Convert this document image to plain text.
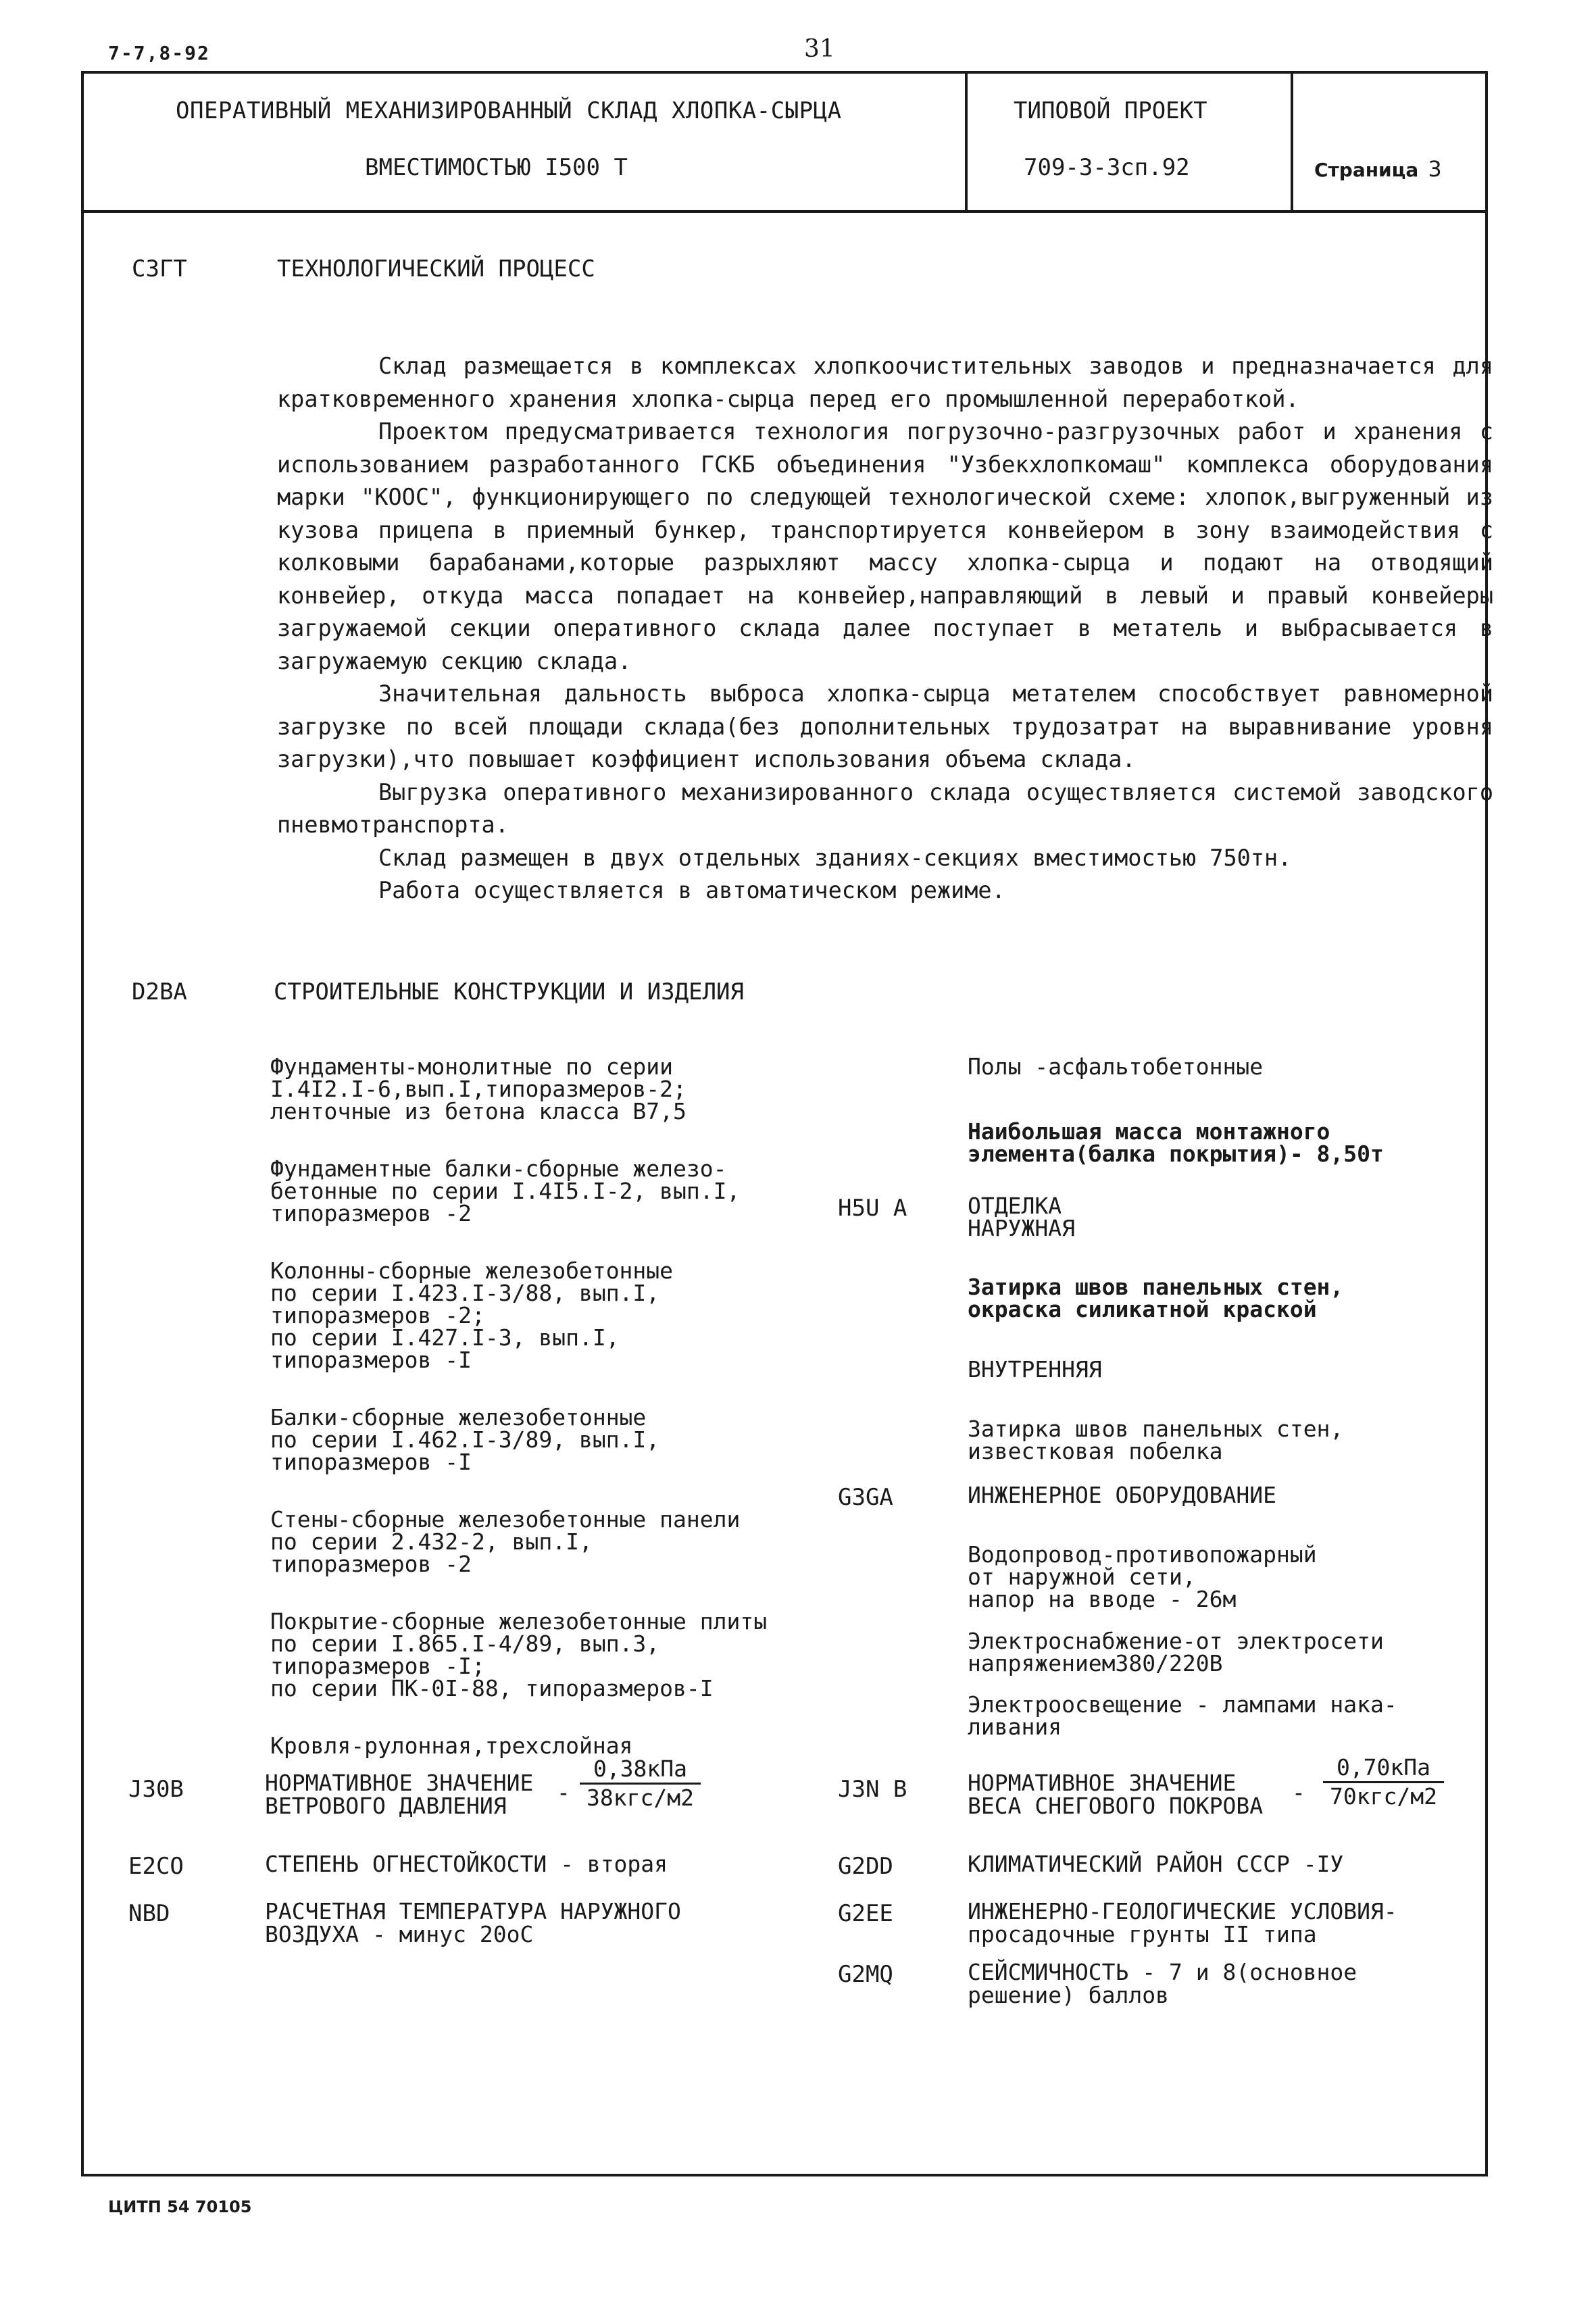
7-7,8-92	31
ОПЕРАТИВНЫЙ МЕХАНИЗИРОВАННЫЙ СКЛАД ХЛОПКА-СЫРЦА
ВМЕСТИМОСТЬЮ I500 Т
ТИПОВОЙ ПРОЕКТ
709-3-3сп.92	Страница 3
С3ГТ	ТЕХНОЛОГИЧЕСКИЙ ПРОЦЕСС

Склад размещается в комплексах хлопкоочистительных заводов и предназначается для кратковременного хранения хлопка-сырца перед его промышленной переработкой.

Проектом предусматривается технология погрузочно-разгрузочных работ и хранения с использованием разработанного ГСКБ объединения "Узбекхлопкомаш" комплекса оборудования марки "КООС", функционирующего по следующей технологической схеме: хлопок,выгруженный из кузова прицепа в приемный бункер, транспортируется конвейером в зону взаимодействия с колковыми барабанами,которые разрыхляют массу хлопка-сырца и подают на отводящий конвейер, откуда масса попадает на конвейер,направляющий в левый и правый конвейеры загружаемой секции оперативного склада далее поступает в метатель и выбрасывается в загружаемую секцию склада.

Значительная дальность выброса хлопка-сырца метателем способствует равномерной загрузке по всей площади склада(без дополнительных трудозатрат на выравнивание уровня загрузки),что повышает коэффициент использования объема склада.

Выгрузка оперативного механизированного склада осуществляется системой заводского пневмотранспорта.

Склад размещен в двух отдельных зданиях-секциях вместимостью 750тн.

Работа осуществляется в автоматическом режиме.

D2BA	СТРОИТЕЛЬНЫЕ КОНСТРУКЦИИ И ИЗДЕЛИЯ
Фундаменты-монолитные по серии
I.4I2.I-6,вып.I,типоразмеров-2;
ленточные из бетона класса В7,5
Фундаментные балки-сборные железо-
бетонные по серии I.4I5.I-2, вып.I,
типоразмеров -2
Колонны-сборные железобетонные
по серии I.423.I-3/88, вып.I,
типоразмеров -2;
по серии I.427.I-3, вып.I,
типоразмеров -I
Балки-сборные железобетонные
по серии I.462.I-3/89, вып.I,
типоразмеров -I
Стены-сборные железобетонные панели
по серии 2.432-2, вып.I,
типоразмеров -2
Покрытие-сборные железобетонные плиты
по серии I.865.I-4/89, вып.3,
типоразмеров -I;
по серии ПК-0I-88, типоразмеров-I
Кровля-рулонная,трехслойная
Полы -асфальтобетонные
Наибольшая масса монтажного
элемента(балка покрытия)- 8,50т
H5U A	ОТДЕЛКА
НАРУЖНАЯ
Затирка швов панельных стен,
окраска силикатной краской
ВНУТРЕННЯЯ
Затирка швов панельных стен,
известковая побелка
G3GA	ИНЖЕНЕРНОЕ ОБОРУДОВАНИЕ
Водопровод-противопожарный
от наружной сети,
напор на вводе - 26м
Электроснабжение-от электросети
напряжением380/220В
Электроосвещение - лампами нака-
ливания
J30B	НОРМАТИВНОЕ ЗНАЧЕНИЕ
ВЕТРОВОГО ДАВЛЕНИЯ
- $\frac{\text{0,38кПа}}{\text{38кгс/м2}}$	J3N B	НОРМАТИВНОЕ ЗНАЧЕНИЕ
ВЕСА СНЕГОВОГО ПОКРОВА
- $\frac{\text{0,70кПа}}{\text{70кгс/м2}}$
E2CO	СТЕПЕНЬ ОГНЕСТОЙКОСТИ - вторая	G2DD	КЛИМАТИЧЕСКИЙ РАЙОН СССР -IУ
NBD	РАСЧЕТНАЯ ТЕМПЕРАТУРА НАРУЖНОГО
ВОЗДУХА - минус 20оС
G2EE	ИНЖЕНЕРНО-ГЕОЛОГИЧЕСКИЕ УСЛОВИЯ-
просадочные грунты II типа
G2MQ	СЕЙСМИЧНОСТЬ - 7 и 8(основное
решение) баллов
ЦИТП 54 70105
